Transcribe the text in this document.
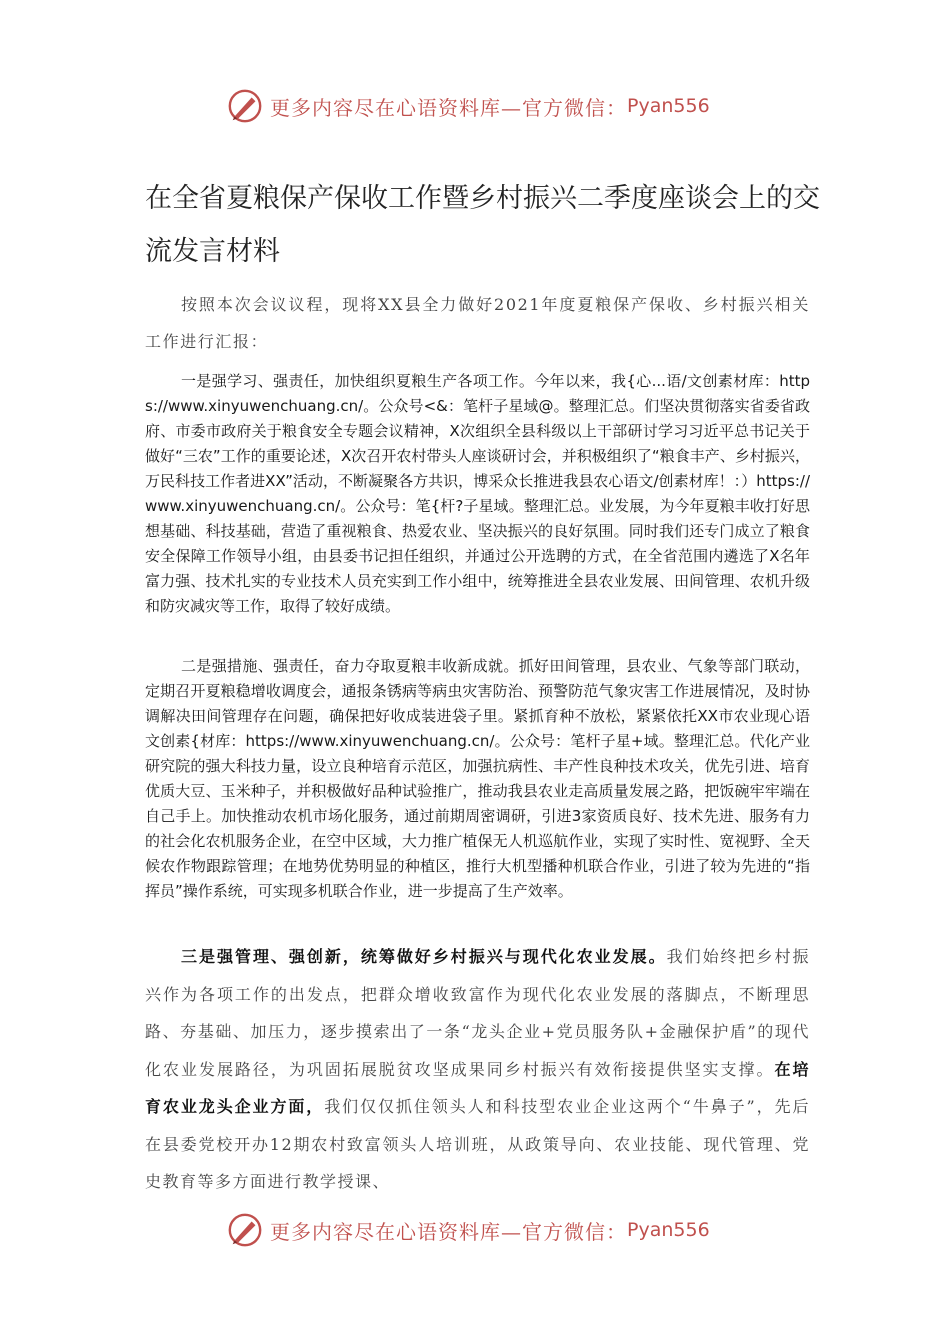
更多内容尽在心语资料库—官方微信： Pyan556
在全省夏粮保产保收工作暨乡村振兴二季度座谈会上的交流发言材料
按照本次会议议程，现将XX县全力做好2021年度夏粮保产保收、乡村振兴相关工作进行汇报：
一是强学习、强责任，加快组织夏粮生产各项工作。今年以来，我{心...语/文创素材库：https://www.xinyuwenchuang.cn/。公众号<&：笔杆子星域@。整理汇总。们坚决贯彻落实省委省政府、市委市政府关于粮食安全专题会议精神，X次组织全县科级以上干部研讨学习习近平总书记关于做好“三农”工作的重要论述，X次召开农村带头人座谈研讨会，并积极组织了“粮食丰产、乡村振兴，万民科技工作者进XX”活动，不断凝聚各方共识，博采众长推进我县农心语文/创素材库！：）https://www.xinyuwenchuang.cn/。公众号：笔{杆?子星域。整理汇总。业发展，为今年夏粮丰收打好思想基础、科技基础，营造了重视粮食、热爱农业、坚决振兴的良好氛围。同时我们还专门成立了粮食安全保障工作领导小组，由县委书记担任组织，并通过公开选聘的方式，在全省范围内遴选了X名年富力强、技术扎实的专业技术人员充实到工作小组中，统筹推进全县农业发展、田间管理、农机升级和防灾减灾等工作，取得了较好成绩。
二是强措施、强责任，奋力夺取夏粮丰收新成就。抓好田间管理，县农业、气象等部门联动，定期召开夏粮稳增收调度会，通报条锈病等病虫灾害防治、预警防范气象灾害工作进展情况，及时协调解决田间管理存在问题，确保把好收成装进袋子里。紧抓育种不放松，紧紧依托XX市农业现心语文创素{材库：https://www.xinyuwenchuang.cn/。公众号：笔杆子星+域。整理汇总。代化产业研究院的强大科技力量，设立良种培育示范区，加强抗病性、丰产性良种技术攻关，优先引进、培育优质大豆、玉米种子，并积极做好品种试验推广，推动我县农业走高质量发展之路，把饭碗牢牢端在自己手上。加快推动农机市场化服务，通过前期周密调研，引进3家资质良好、技术先进、服务有力的社会化农机服务企业，在空中区域，大力推广植保无人机巡航作业，实现了实时性、宽视野、全天候农作物跟踪管理；在地势优势明显的种植区，推行大机型播种机联合作业，引进了较为先进的“指挥员”操作系统，可实现多机联合作业，进一步提高了生产效率。
三是强管理、强创新，统筹做好乡村振兴与现代化农业发展。我们始终把乡村振兴作为各项工作的出发点，把群众增收致富作为现代化农业发展的落脚点，不断理思路、夯基础、加压力，逐步摸索出了一条“龙头企业+党员服务队+金融保护盾”的现代化农业发展路径，为巩固拓展脱贫攻坚成果同乡村振兴有效衔接提供坚实支撑。在培育农业龙头企业方面，我们仅仅抓住领头人和科技型农业企业这两个“牛鼻子”，先后在县委党校开办12期农村致富领头人培训班，从政策导向、农业技能、现代管理、党史教育等多方面进行教学授课、
更多内容尽在心语资料库—官方微信： Pyan556
